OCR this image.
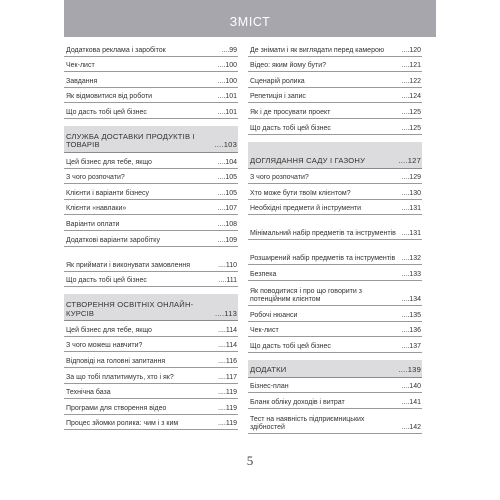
ЗМІСТ
Додаткова реклама і заробіток	....99
Чек-лист	....100
Завдання	....100
Як відмовитися від роботи	....101
Що дасть тобі цей бізнес	....101
СЛУЖБА ДОСТАВКИ ПРОДУКТІВ І ТОВАРІВ	....103
Цей бізнес для тебе, якщо	....104
З чого розпочати?	....105
Клієнти і варіанти бізнесу	....105
Клієнти «навлаки»	....107
Варіанти оплати	....108
Додаткові варіанти заробітку	....109
Як приймати і виконувати замовлення	....110
Що дасть тобі цей бізнес	....111
СТВОРЕННЯ ОСВІТНІХ ОНЛАЙН-КУРСІВ	....113
Цей бізнес для тебе, якщо	....114
З чого можеш навчити?	....114
Відповіді на головні запитання	....116
За що тобі платитимуть, хто і як?	....117
Технічна база	....119
Програми для створення відео	....119
Процес зйомки ролика: чим і з ким	....119
Де знімати і як виглядати перед камерою	....120
Відео: яким йому бути?	....121
Сценарій ролика	....122
Репетиція і запис	....124
Як і де просувати проект	....125
Що дасть тобі цей бізнес	....125
ДОГЛЯДАННЯ САДУ І ГАЗОНУ	....127
З чого розпочати?	....129
Хто може бути твоїм клієнтом?	....130
Необхідні предмети й інструменти	....131
Мінімальний набір предметів та інструментів ....131
Розширений набір предметів та інструментів ....132
Безпека	....133
Як поводитися і про що говорити з потенційним клієнтом	....134
Робочі нюанси	....135
Чек-лист	....136
Що дасть тобі цей бізнес	....137
ДОДАТКИ	....139
Бізнес-план	....140
Бланк обліку доходів і витрат	....141
Тест на наявність підприємницьких здібностей	....142
5
